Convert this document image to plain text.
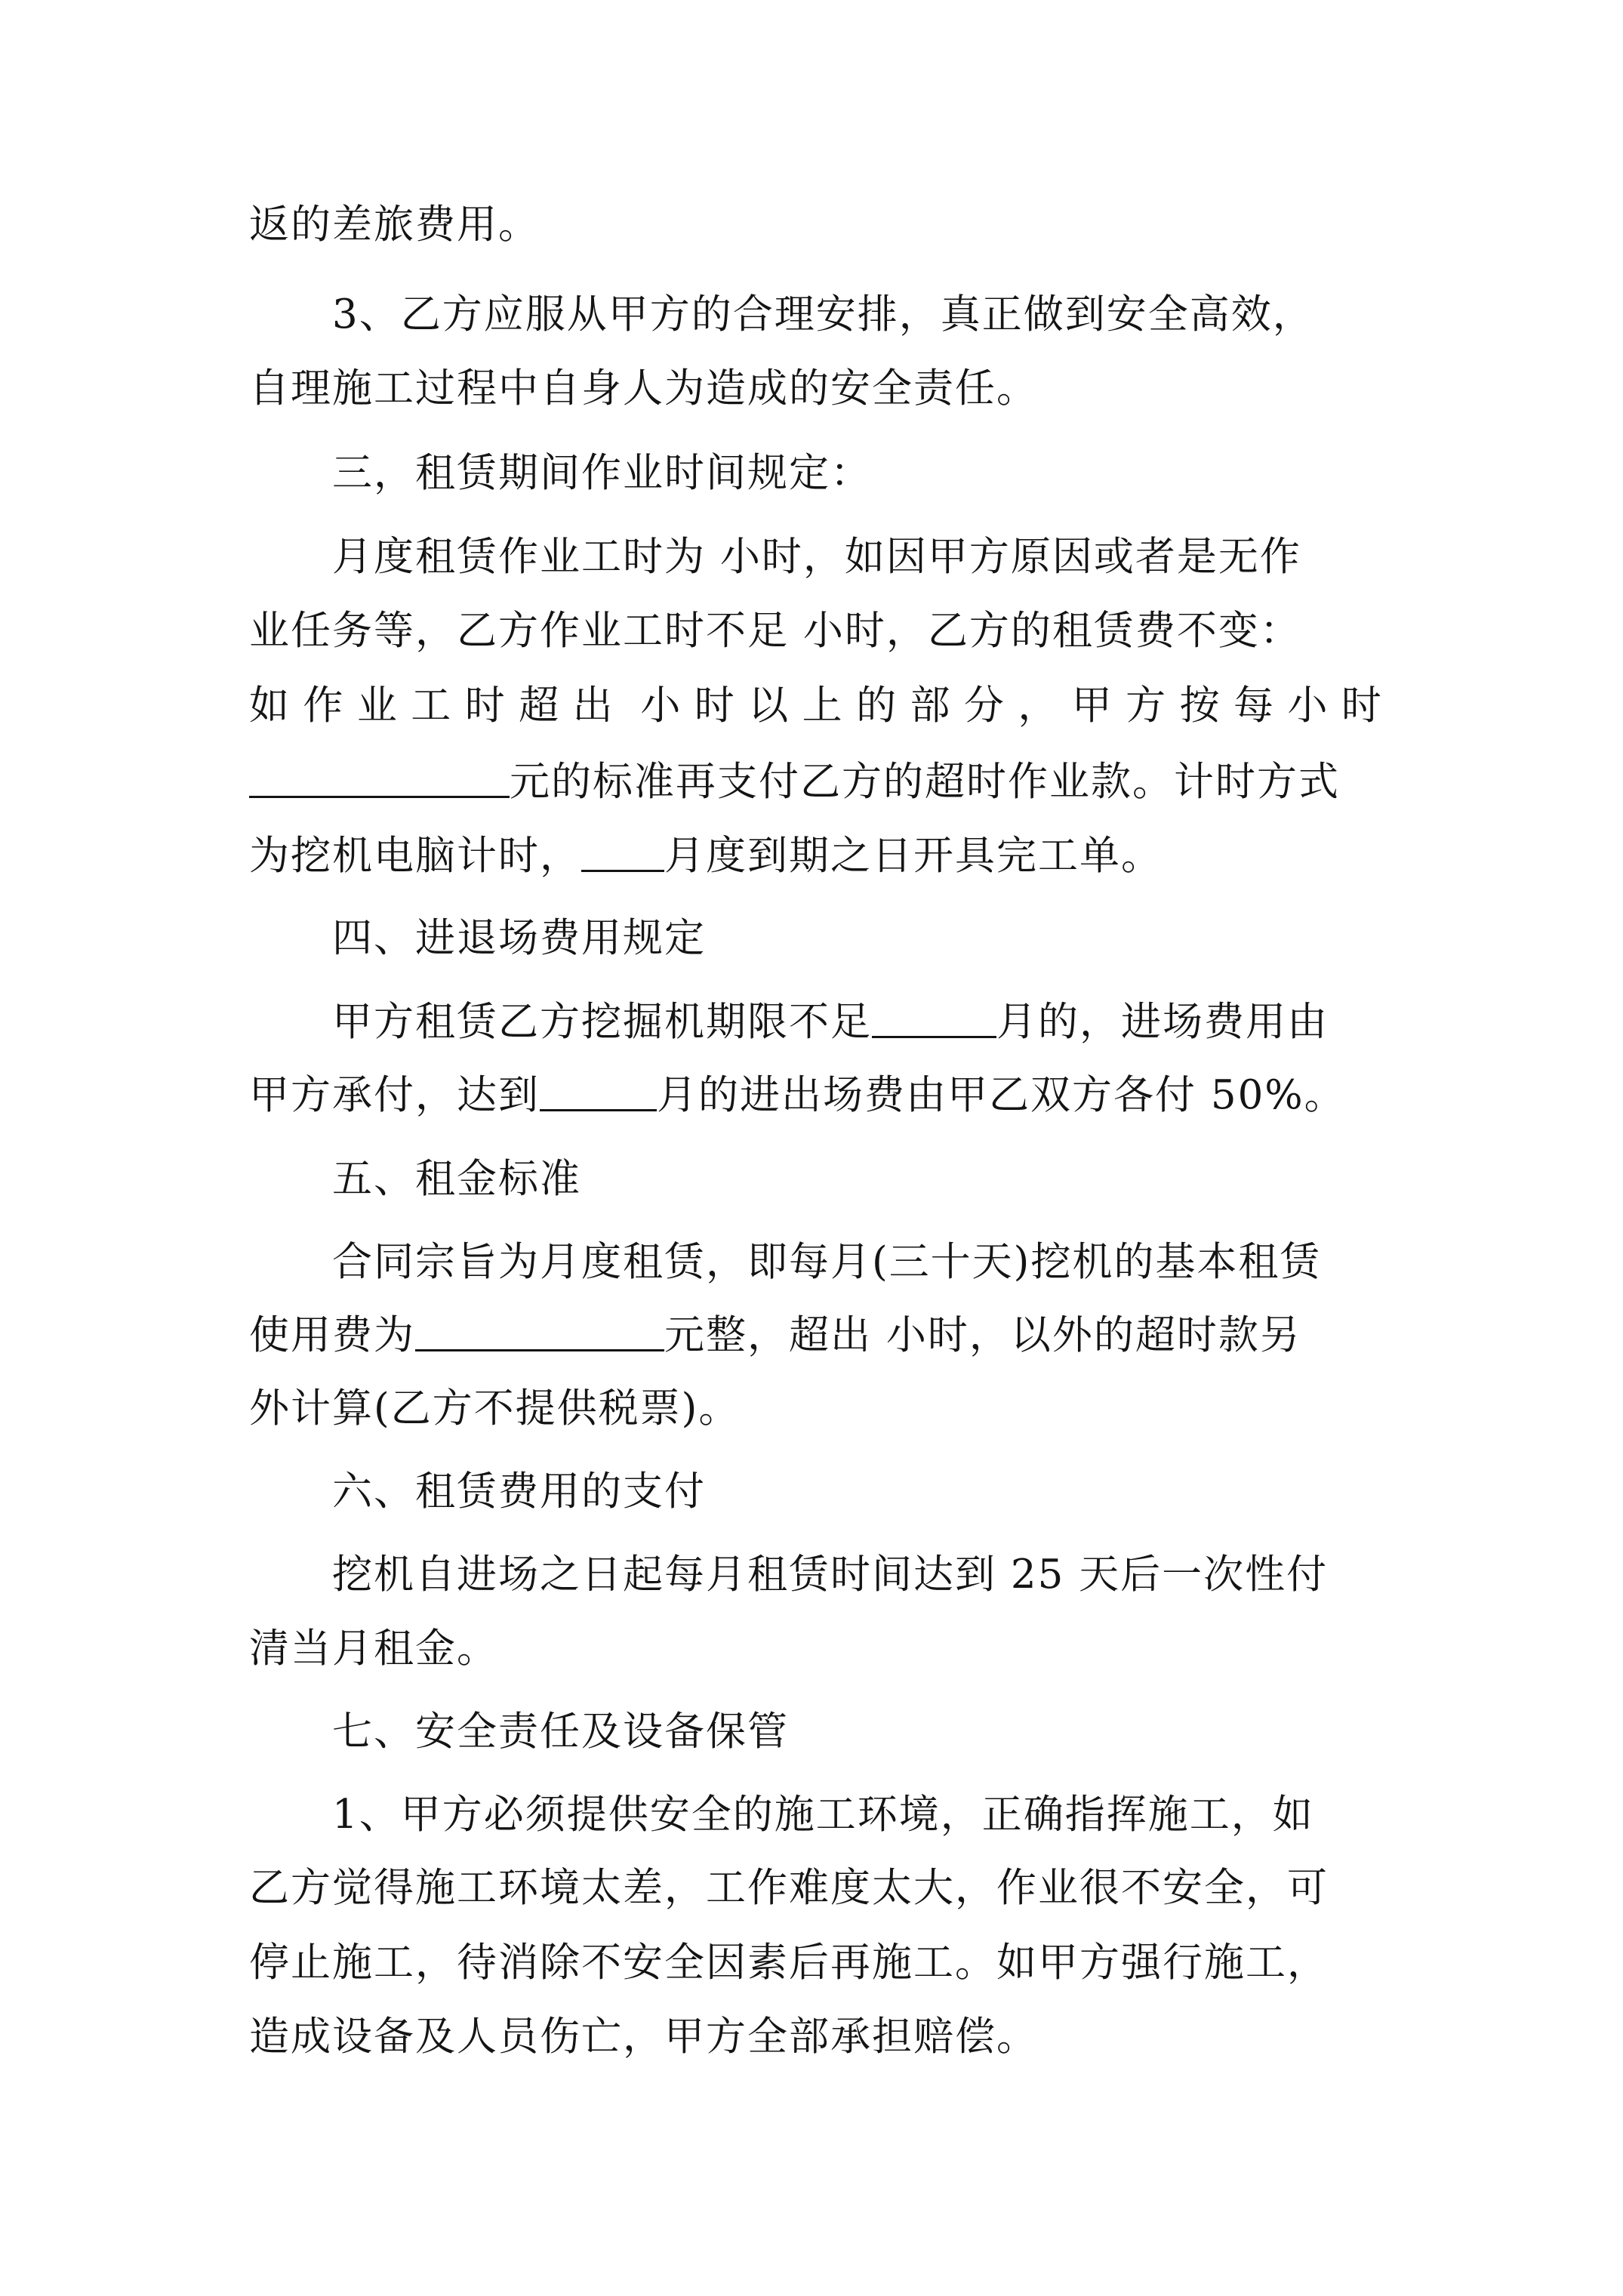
返的差旅费用。
3、乙方应服从甲方的合理安排，真正做到安全高效，
自理施工过程中自身人为造成的安全责任。
三，租赁期间作业时间规定：
月度租赁作业工时为 小时，如因甲方原因或者是无作
业任务等，乙方作业工时不足 小时，乙方的租赁费不变：
如 作 业 工 时 超 出 小 时 以 上 的 部 分 ， 甲 方 按 每 小 时
元的标准再支付乙方的超时作业款。计时方式
为挖机电脑计时， 月度到期之日开具完工单。
四、进退场费用规定
甲方租赁乙方挖掘机期限不足	月的，进场费用由
甲方承付，达到	月的进出场费由甲乙双方各付 50%。
五、租金标准
合同宗旨为月度租赁，即每月(三十天)挖机的基本租赁
使用费为	元整，超出 小时，以外的超时款另
外计算(乙方不提供税票)。
六、租赁费用的支付
挖机自进场之日起每月租赁时间达到 25 天后一次性付
清当月租金。
七、安全责任及设备保管
1、甲方必须提供安全的施工环境，正确指挥施工，如
乙方觉得施工环境太差，工作难度太大，作业很不安全，可
停止施工，待消除不安全因素后再施工。如甲方强行施工，
造成设备及人员伤亡，甲方全部承担赔偿。
